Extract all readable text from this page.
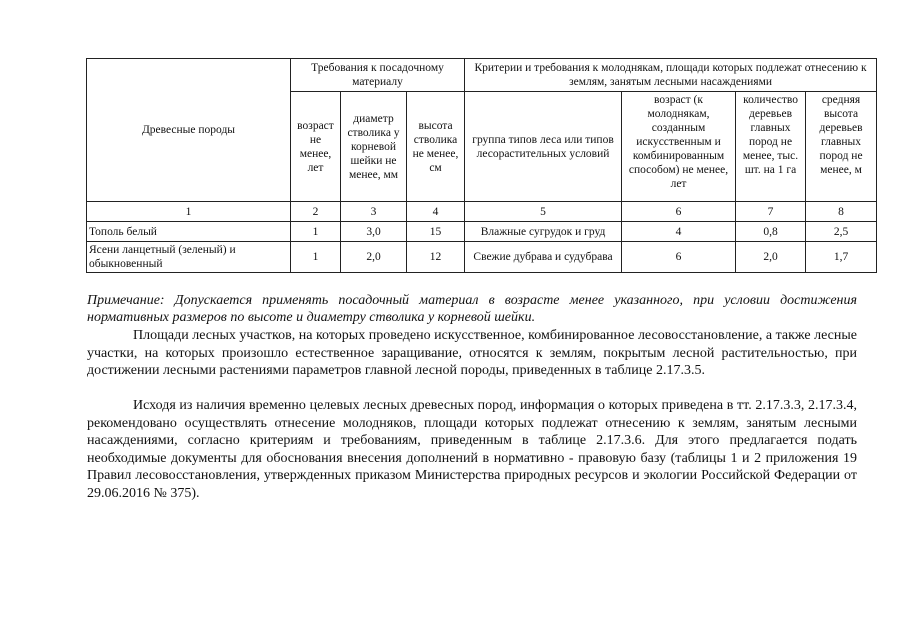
Древесные породы	Требования к посадочному материалу			Критерии и требования к молоднякам, площади которых подлежат отнесению к землям, занятым лесными насаждениями			
	возраст не менее, лет	диаметр стволика у корневой шейки не менее, мм	высота стволика не менее, см	группа типов леса или типов лесорастительных условий	возраст (к молоднякам, созданным искусственным и комбинированным способом) не менее, лет	количество деревьев главных пород не менее, тыс. шт. на 1 га	средняя высота деревьев главных пород не менее, м
1	2	3	4	5	6	7	8
Тополь белый	1	3,0	15	Влажные сугрудок и груд	4	0,8	2,5
Ясени ланцетный (зеленый) и обыкновенный	1	2,0	12	Свежие дубрава и судубрава	6	2,0	1,7
Примечание: Допускается применять посадочный материал в возрасте менее указанного, при условии достижения нормативных размеров по высоте и диаметру стволика у корневой шейки.
Площади лесных участков, на которых проведено искусственное, комбинированное лесовосстановление, а также лесные участки, на которых произошло естественное заращивание, относятся к землям, покрытым лесной растительностью, при достижении лесными растениями параметров главной лесной породы, приведенных в таблице 2.17.3.5.
Исходя из наличия временно целевых лесных древесных пород, информация о которых приведена в тт. 2.17.3.3, 2.17.3.4, рекомендовано осуществлять отнесение молодняков, площади которых подлежат отнесению к землям, занятым лесными насаждениями, согласно критериям и требованиям, приведенным в таблице 2.17.3.6. Для этого предлагается подать необходимые документы для обоснования внесения дополнений в нормативно - правовую базу (таблицы 1 и 2 приложения 19 Правил лесовосстановления, утвержденных приказом Министерства природных ресурсов и экологии Российской Федерации от 29.06.2016 № 375).
